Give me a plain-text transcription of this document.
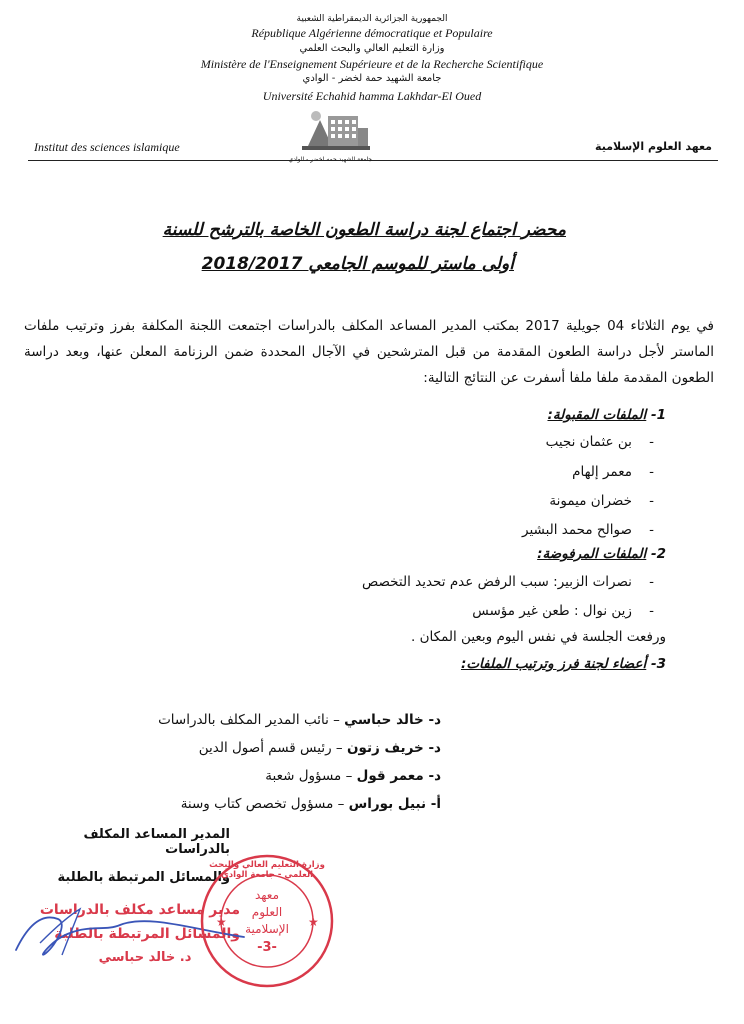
الجمهورية الجزائرية الديمقراطية الشعبية
République Algérienne démocratique et Populaire
وزارة التعليم العالي والبحث العلمي
Ministère de l'Enseignement Supérieure et de la Recherche Scientifique
جامعة الشهيد حمة لخضر - الوادي
Université Echahid hamma Lakhdar-El Oued
Institut des sciences islamique	معهد العلوم الإسلامية
جامعة الشهيد حمه لخضر - الوادي
محضر اجتماع لجنة دراسة الطعون الخاصة بالترشح للسنة
أولى ماستر للموسم الجامعي 2018/2017
في يوم الثلاثاء 04 جويلية 2017 بمكتب المدير المساعد المكلف بالدراسات اجتمعت اللجنة المكلفة بفرز وترتيب ملفات الماستر لأجل دراسة الطعون المقدمة من قبل المترشحين في الآجال المحددة ضمن الرزنامة المعلن عنها، وبعد دراسة الطعون المقدمة ملفا ملفا أسفرت عن النتائج التالية:
1- الملفات المقبولة:
-    بن عثمان نجيب
-    معمر إلهام
-    خضران ميمونة
-    صوالح محمد البشير
2- الملفات المرفوضة:
-    نصرات الزبير: سبب الرفض عدم تحديد التخصص
-    زين نوال : طعن غير مؤسس
ورفعت الجلسة في نفس اليوم وبعين المكان .
3- أعضاء لجنة فرز وترتيب الملفات:
د- خالد حباسي – نائب المدير المكلف بالدراسات
د- خريف زتون – رئيس قسم أصول الدين
د- معمر قول – مسؤول شعبة
أ- نبيل بوراس – مسؤول تخصص كتاب وسنة
المدير المساعد المكلف بالدراسات
والمسائل المرتبطة بالطلبة
مدير مساعد مكلف بالدراسات
والمسائل المرتبطة بالطلبة
د. خالد حباسي
★	★
وزارة التعليم العالي والبحث العلمي - جامعة الوادي
معهد
العلوم
الإسلامية
-3-
